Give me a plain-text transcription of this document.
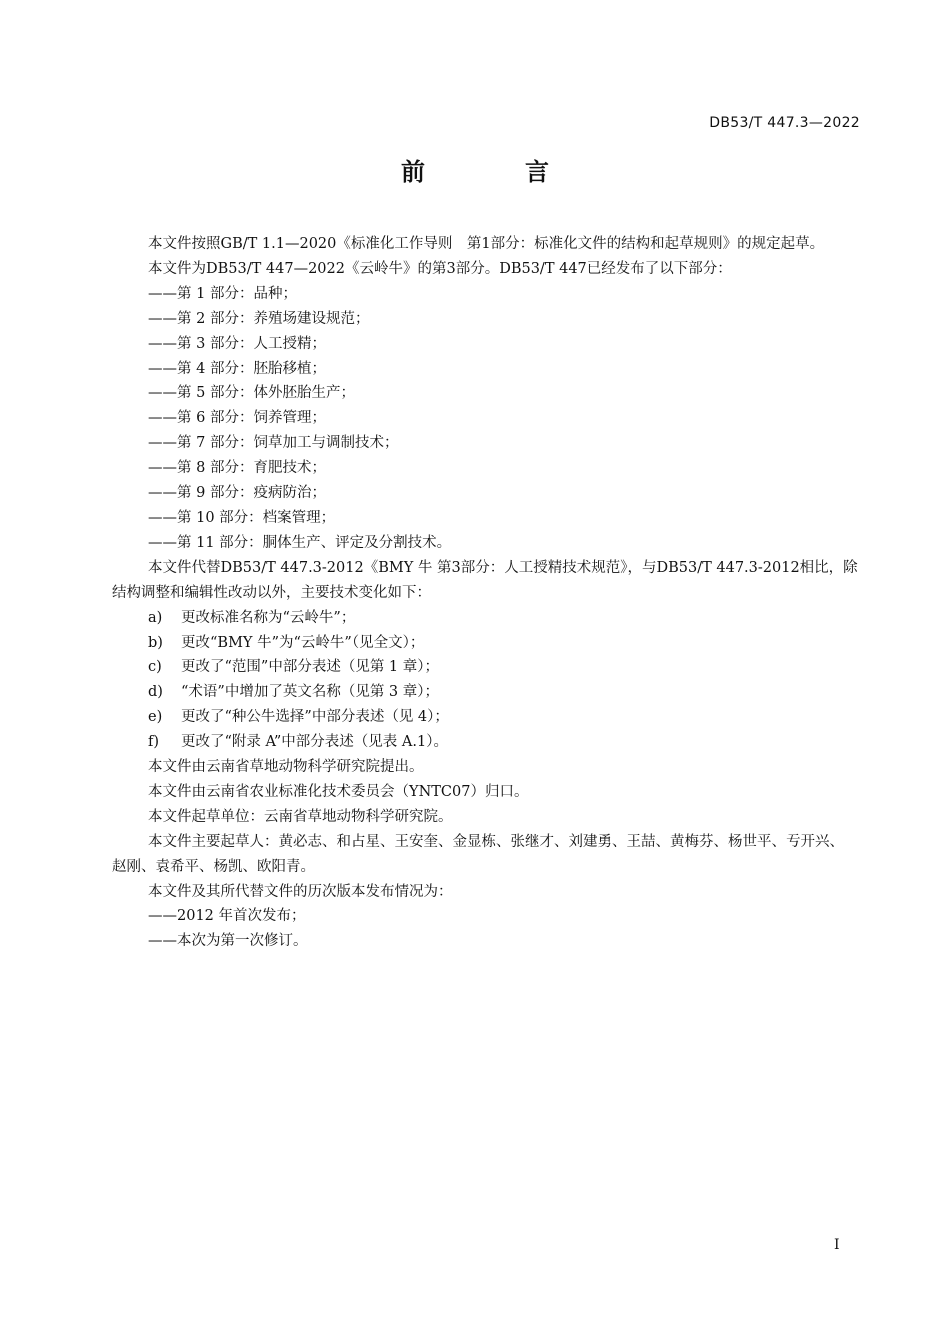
DB53/T 447.3—2022
前　言

本文件按照GB/T 1.1—2020《标准化工作导则　第1部分：标准化文件的结构和起草规则》的规定起草。

本文件为DB53/T 447—2022《云岭牛》的第3部分。DB53/T 447已经发布了以下部分：

——第 1 部分：品种；

——第 2 部分：养殖场建设规范；

——第 3 部分：人工授精；

——第 4 部分：胚胎移植；

——第 5 部分：体外胚胎生产；

——第 6 部分：饲养管理；

——第 7 部分：饲草加工与调制技术；

——第 8 部分：育肥技术；

——第 9 部分：疫病防治；

——第 10 部分：档案管理；

——第 11 部分：胴体生产、评定及分割技术。

本文件代替DB53/T 447.3-2012《BMY 牛 第3部分：人工授精技术规范》，与DB53/T 447.3-2012相比，除结构调整和编辑性改动以外，主要技术变化如下：

a) 更改标准名称为“云岭牛”；

b) 更改“BMY 牛”为“云岭牛”（见全文）；

c) 更改了“范围”中部分表述（见第 1 章）；

d) “术语”中增加了英文名称（见第 3 章）；

e) 更改了“种公牛选择”中部分表述（见 4）；

f) 更改了“附录 A”中部分表述（见表 A.1）。

本文件由云南省草地动物科学研究院提出。

本文件由云南省农业标准化技术委员会（YNTC07）归口。

本文件起草单位：云南省草地动物科学研究院。

本文件主要起草人：黄必志、和占星、王安奎、金显栋、张继才、刘建勇、王喆、黄梅芬、杨世平、亐开兴、赵刚、袁希平、杨凯、欧阳青。

本文件及其所代替文件的历次版本发布情况为：

——2012 年首次发布；

——本次为第一次修订。

I
